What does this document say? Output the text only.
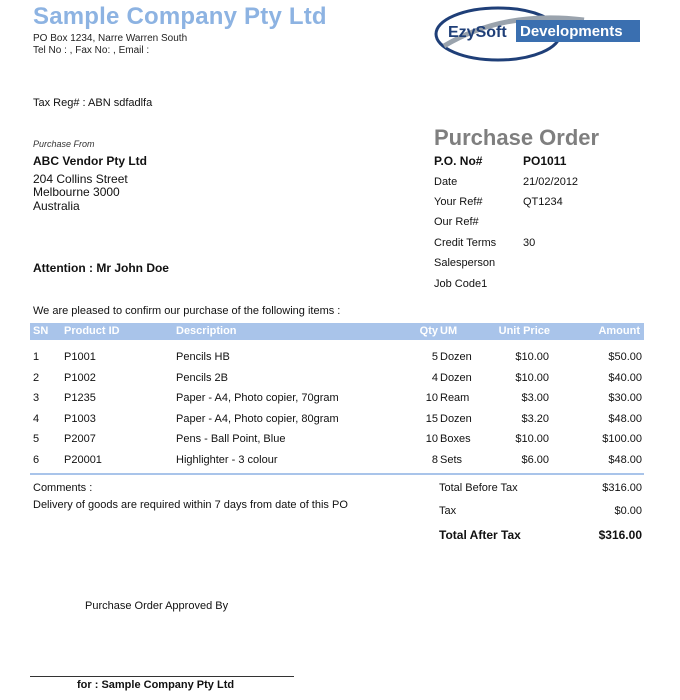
Sample Company Pty Ltd
PO Box 1234, Narre Warren South
Tel No : , Fax No: , Email :
EzySoft Developments
Tax Reg# : ABN sdfadlfa
Purchase From
ABC Vendor Pty Ltd
204 Collins Street
Melbourne 3000
Australia
Attention : Mr John Doe
Purchase Order
P.O. No#	PO1011
Date	21/02/2012
Your Ref#	QT1234
Our Ref#
Credit Terms 30
Salesperson
Job Code1
We are pleased to confirm our purchase of the following items :
SN Product ID	Description	Qty UM	Unit Price	Amount
1 P1001	Pencils HB	5 Dozen	$10.00	$50.00
2 P1002	Pencils 2B	4 Dozen	$10.00	$40.00
3 P1235	Paper - A4, Photo copier, 70gram	10 Ream	$3.00	$30.00
4 P1003	Paper - A4, Photo copier, 80gram	15 Dozen	$3.20	$48.00
5 P2007	Pens - Ball Point, Blue	10 Boxes	$10.00	$100.00
6 P20001	Highlighter - 3 colour	8 Sets	$6.00	$48.00
Comments :
Delivery of goods are required within 7 days from date of this PO
Total Before Tax	$316.00
Tax	$0.00
Total After Tax	$316.00
Purchase Order Approved By
for : Sample Company Pty Ltd
